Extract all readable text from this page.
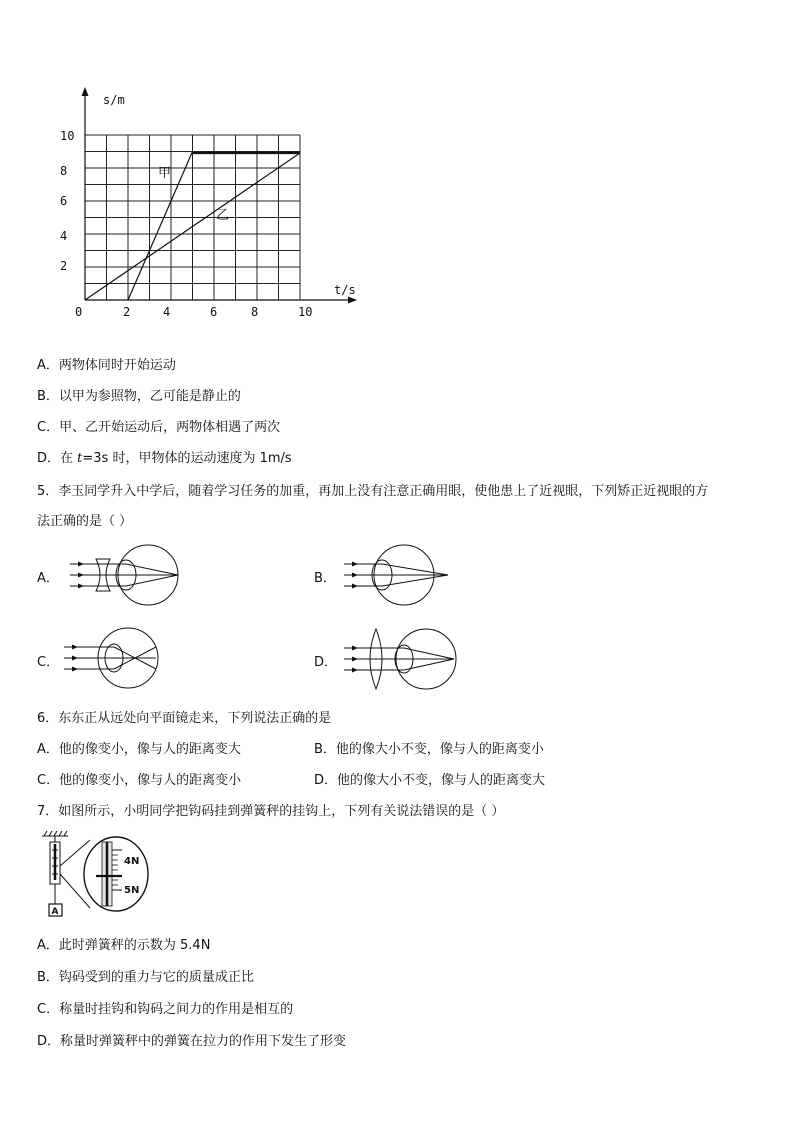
s/m
t/s
0	2	4	6	8	10
2
4
6
8
10
甲
乙
A．两物体同时开始运动
B．以甲为参照物，乙可能是静止的
C．甲、乙开始运动后，两物体相遇了两次
D．在 t=3s 时，甲物体的运动速度为 1m/s
5．李玉同学升入中学后，随着学习任务的加重，再加上没有注意正确用眼，使他患上了近视眼，下列矫正近视眼的方
法正确的是（ ）
A．	B．
C．	D．
6．东东正从远处向平面镜走来，下列说法正确的是
A．他的像变小，像与人的距离变大	B．他的像大小不变，像与人的距离变小
C．他的像变小，像与人的距离变小	D．他的像大小不变，像与人的距离变大
7．如图所示，小明同学把钩码挂到弹簧秤的挂钩上，下列有关说法错误的是（ ）
A
4N
5N
A．此时弹簧秤的示数为 5.4N
B．钩码受到的重力与它的质量成正比
C．称量时挂钩和钩码之间力的作用是相互的
D．称量时弹簧秤中的弹簧在拉力的作用下发生了形变
